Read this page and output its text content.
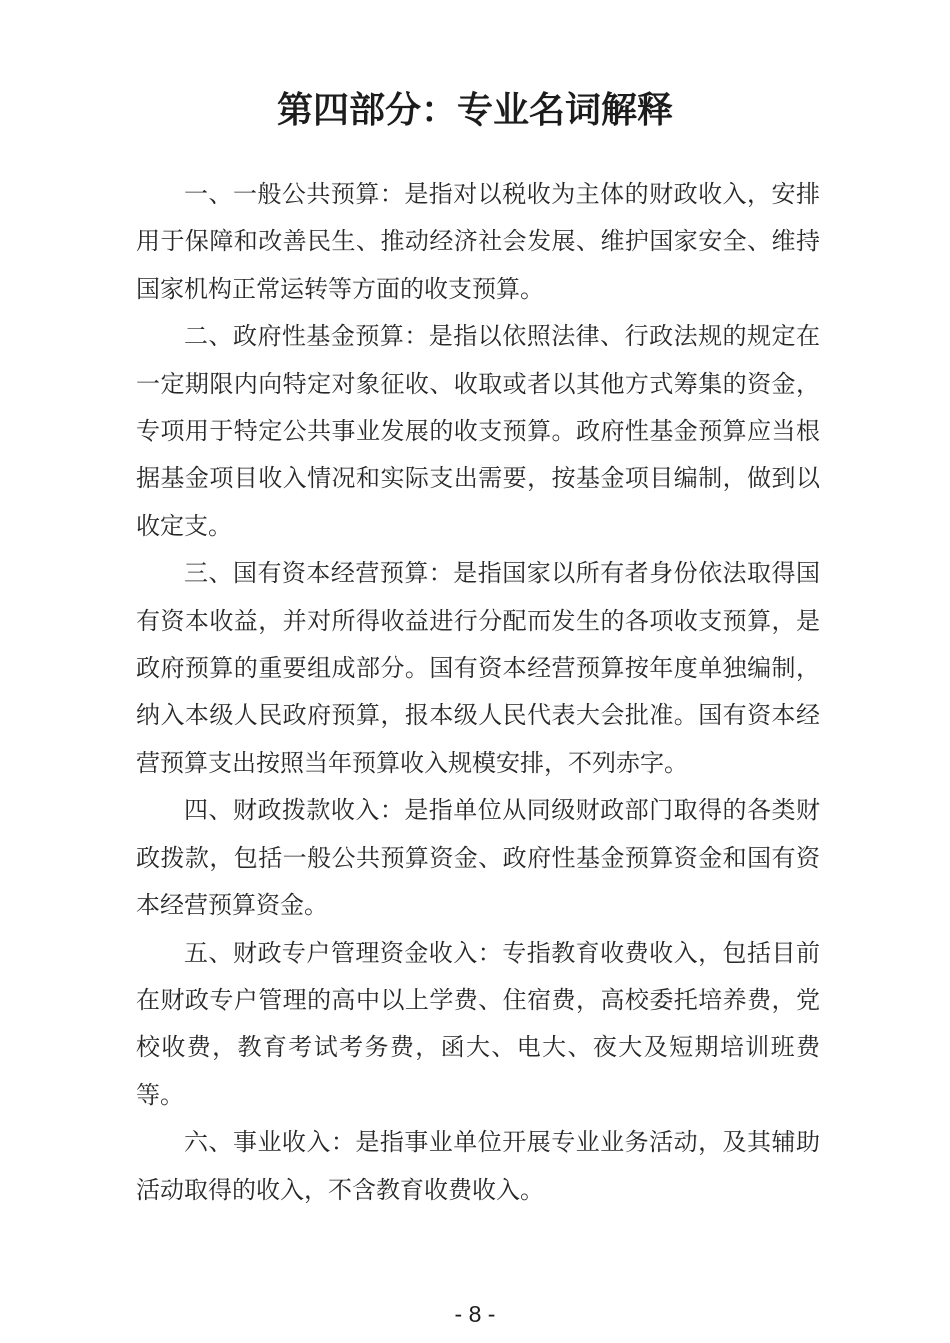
第四部分：专业名词解释

一、一般公共预算：是指对以税收为主体的财政收入，安排用于保障和改善民生、推动经济社会发展、维护国家安全、维持国家机构正常运转等方面的收支预算。

二、政府性基金预算：是指以依照法律、行政法规的规定在一定期限内向特定对象征收、收取或者以其他方式筹集的资金，专项用于特定公共事业发展的收支预算。政府性基金预算应当根据基金项目收入情况和实际支出需要，按基金项目编制，做到以收定支。

三、国有资本经营预算：是指国家以所有者身份依法取得国有资本收益，并对所得收益进行分配而发生的各项收支预算，是政府预算的重要组成部分。国有资本经营预算按年度单独编制，纳入本级人民政府预算，报本级人民代表大会批准。国有资本经营预算支出按照当年预算收入规模安排，不列赤字。

四、财政拨款收入：是指单位从同级财政部门取得的各类财政拨款，包括一般公共预算资金、政府性基金预算资金和国有资本经营预算资金。

五、财政专户管理资金收入：专指教育收费收入，包括目前在财政专户管理的高中以上学费、住宿费，高校委托培养费，党校收费，教育考试考务费，函大、电大、夜大及短期培训班费等。

六、事业收入：是指事业单位开展专业业务活动，及其辅助活动取得的收入，不含教育收费收入。

- 8 -
